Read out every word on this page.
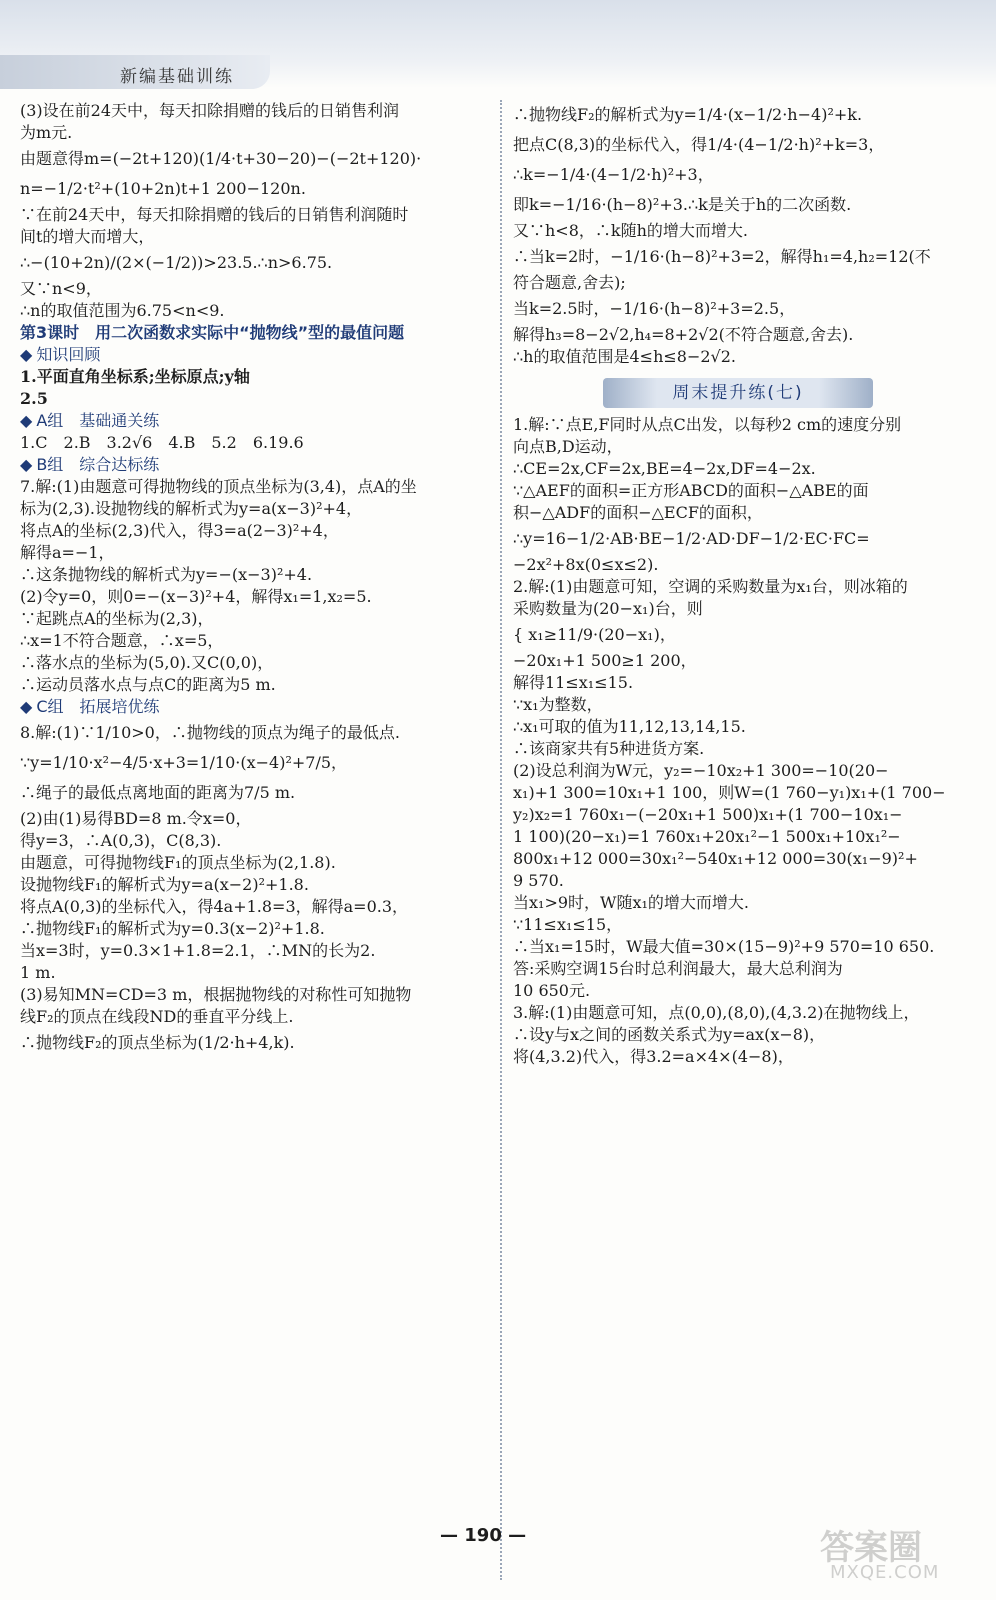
新编基础训练
(3)设在前24天中，每天扣除捐赠的钱后的日销售利润
为m元.
由题意得m=(−2t+120)(1/4·t+30−20)−(−2t+120)·
n=−1/2·t²+(10+2n)t+1 200−120n.
∵在前24天中，每天扣除捐赠的钱后的日销售利润随时
间t的增大而增大，
∴−(10+2n)/(2×(−1/2))>23.5.∴n>6.75.
又∵n<9，
∴n的取值范围为6.75<n<9.
第3课时　用二次函数求实际中“抛物线”型的最值问题
◆ 知识回顾
1.平面直角坐标系;坐标原点;y轴
2.5
◆ A组　基础通关练
1.C　2.B　3.2√6　4.B　5.2　6.19.6
◆ B组　综合达标练
7.解:(1)由题意可得抛物线的顶点坐标为(3,4)，点A的坐
标为(2,3).设抛物线的解析式为y=a(x−3)²+4，
将点A的坐标(2,3)代入，得3=a(2−3)²+4，
解得a=−1，
∴这条抛物线的解析式为y=−(x−3)²+4.
(2)令y=0，则0=−(x−3)²+4，解得x₁=1,x₂=5.
∵起跳点A的坐标为(2,3)，
∴x=1不符合题意，∴x=5，
∴落水点的坐标为(5,0).又C(0,0)，
∴运动员落水点与点C的距离为5 m.
◆ C组　拓展培优练
8.解:(1)∵1/10>0，∴抛物线的顶点为绳子的最低点.
∵y=1/10·x²−4/5·x+3=1/10·(x−4)²+7/5，
∴绳子的最低点离地面的距离为7/5 m.
(2)由(1)易得BD=8 m.令x=0，
得y=3，∴A(0,3)，C(8,3).
由题意，可得抛物线F₁的顶点坐标为(2,1.8).
设抛物线F₁的解析式为y=a(x−2)²+1.8.
将点A(0,3)的坐标代入，得4a+1.8=3，解得a=0.3，
∴抛物线F₁的解析式为y=0.3(x−2)²+1.8.
当x=3时，y=0.3×1+1.8=2.1，∴MN的长为2.
1 m.
(3)易知MN=CD=3 m，根据抛物线的对称性可知抛物
线F₂的顶点在线段ND的垂直平分线上.
∴抛物线F₂的顶点坐标为(1/2·h+4,k).
∴抛物线F₂的解析式为y=1/4·(x−1/2·h−4)²+k.
把点C(8,3)的坐标代入，得1/4·(4−1/2·h)²+k=3，
∴k=−1/4·(4−1/2·h)²+3，
即k=−1/16·(h−8)²+3.∴k是关于h的二次函数.
又∵h<8，∴k随h的增大而增大.
∴当k=2时，−1/16·(h−8)²+3=2，解得h₁=4,h₂=12(不
符合题意,舍去);
当k=2.5时，−1/16·(h−8)²+3=2.5，
解得h₃=8−2√2,h₄=8+2√2(不符合题意,舍去).
∴h的取值范围是4≤h≤8−2√2.
周末提升练(七)
1.解:∵点E,F同时从点C出发，以每秒2 cm的速度分别
向点B,D运动，
∴CE=2x,CF=2x,BE=4−2x,DF=4−2x.
∵△AEF的面积=正方形ABCD的面积−△ABE的面
积−△ADF的面积−△ECF的面积，
∴y=16−1/2·AB·BE−1/2·AD·DF−1/2·EC·FC=
−2x²+8x(0≤x≤2).
2.解:(1)由题意可知，空调的采购数量为x₁台，则冰箱的
采购数量为(20−x₁)台，则
{ x₁≥11/9·(20−x₁)，
−20x₁+1 500≥1 200，
解得11≤x₁≤15.
∵x₁为整数，
∴x₁可取的值为11,12,13,14,15.
∴该商家共有5种进货方案.
(2)设总利润为W元，y₂=−10x₂+1 300=−10(20−
x₁)+1 300=10x₁+1 100，则W=(1 760−y₁)x₁+(1 700−
y₂)x₂=1 760x₁−(−20x₁+1 500)x₁+(1 700−10x₁−
1 100)(20−x₁)=1 760x₁+20x₁²−1 500x₁+10x₁²−
800x₁+12 000=30x₁²−540x₁+12 000=30(x₁−9)²+
9 570.
当x₁>9时，W随x₁的增大而增大.
∵11≤x₁≤15，
∴当x₁=15时，W最大值=30×(15−9)²+9 570=10 650.
答:采购空调15台时总利润最大，最大总利润为
10 650元.
3.解:(1)由题意可知，点(0,0),(8,0),(4,3.2)在抛物线上，
∴设y与x之间的函数关系式为y=ax(x−8)，
将(4,3.2)代入，得3.2=a×4×(4−8)，
— 190 —	答案圈
MXQE.COM
